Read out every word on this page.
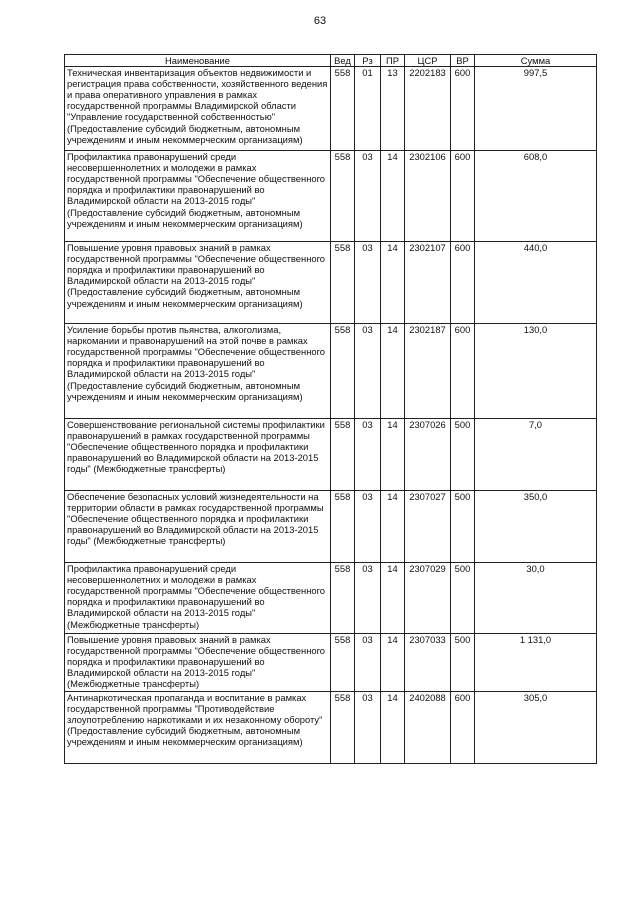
63
Наименование	Вед	Рз	ПР	ЦСР	ВР	Сумма
Техническая инвентаризация объектов недвижимости и регистрация права собственности, хозяйственного ведения и права оперативного управления в рамках государственной программы Владимирской области "Управление государственной собственностью" (Предоставление субсидий бюджетным, автономным учреждениям и иным некоммерческим организациям)	558	01	13	2202183	600	997,5
Профилактика правонарушений среди несовершеннолетних и молодежи в рамках государственной программы "Обеспечение общественного порядка и профилактики правонарушений во Владимирской области на 2013-2015 годы" (Предоставление субсидий бюджетным, автономным учреждениям и иным некоммерческим организациям)	558	03	14	2302106	600	608,0
Повышение уровня правовых знаний в рамках государственной программы "Обеспечение общественного порядка и профилактики правонарушений во Владимирской области на 2013-2015 годы" (Предоставление субсидий бюджетным, автономным учреждениям и иным некоммерческим организациям)	558	03	14	2302107	600	440,0
Усиление борьбы против пьянства, алкоголизма, наркомании и правонарушений на этой почве в рамках государственной программы "Обеспечение общественного порядка и профилактики правонарушений во Владимирской области на 2013-2015 годы" (Предоставление субсидий бюджетным, автономным учреждениям и иным некоммерческим организациям)	558	03	14	2302187	600	130,0
Совершенствование региональной системы профилактики правонарушений в рамках государственной программы "Обеспечение общественного порядка и профилактики правонарушений во Владимирской области на 2013-2015 годы" (Межбюджетные трансферты)	558	03	14	2307026	500	7,0
Обеспечение безопасных условий жизнедеятельности на территории области в рамках государственной программы "Обеспечение общественного порядка и профилактики правонарушений во Владимирской области на 2013-2015 годы" (Межбюджетные трансферты)	558	03	14	2307027	500	350,0
Профилактика правонарушений среди несовершеннолетних и молодежи в рамках государственной программы "Обеспечение общественного порядка и профилактики правонарушений во Владимирской области на 2013-2015 годы" (Межбюджетные трансферты)	558	03	14	2307029	500	30,0
Повышение уровня правовых знаний в рамках государственной программы "Обеспечение общественного порядка и профилактики правонарушений во Владимирской области на 2013-2015 годы" (Межбюджетные трансферты)	558	03	14	2307033	500	1 131,0
Антинаркотическая пропаганда и воспитание в рамках государственной программы "Противодействие злоупотреблению наркотиками и их незаконному обороту" (Предоставление субсидий бюджетным, автономным учреждениям и иным некоммерческим организациям)	558	03	14	2402088	600	305,0
